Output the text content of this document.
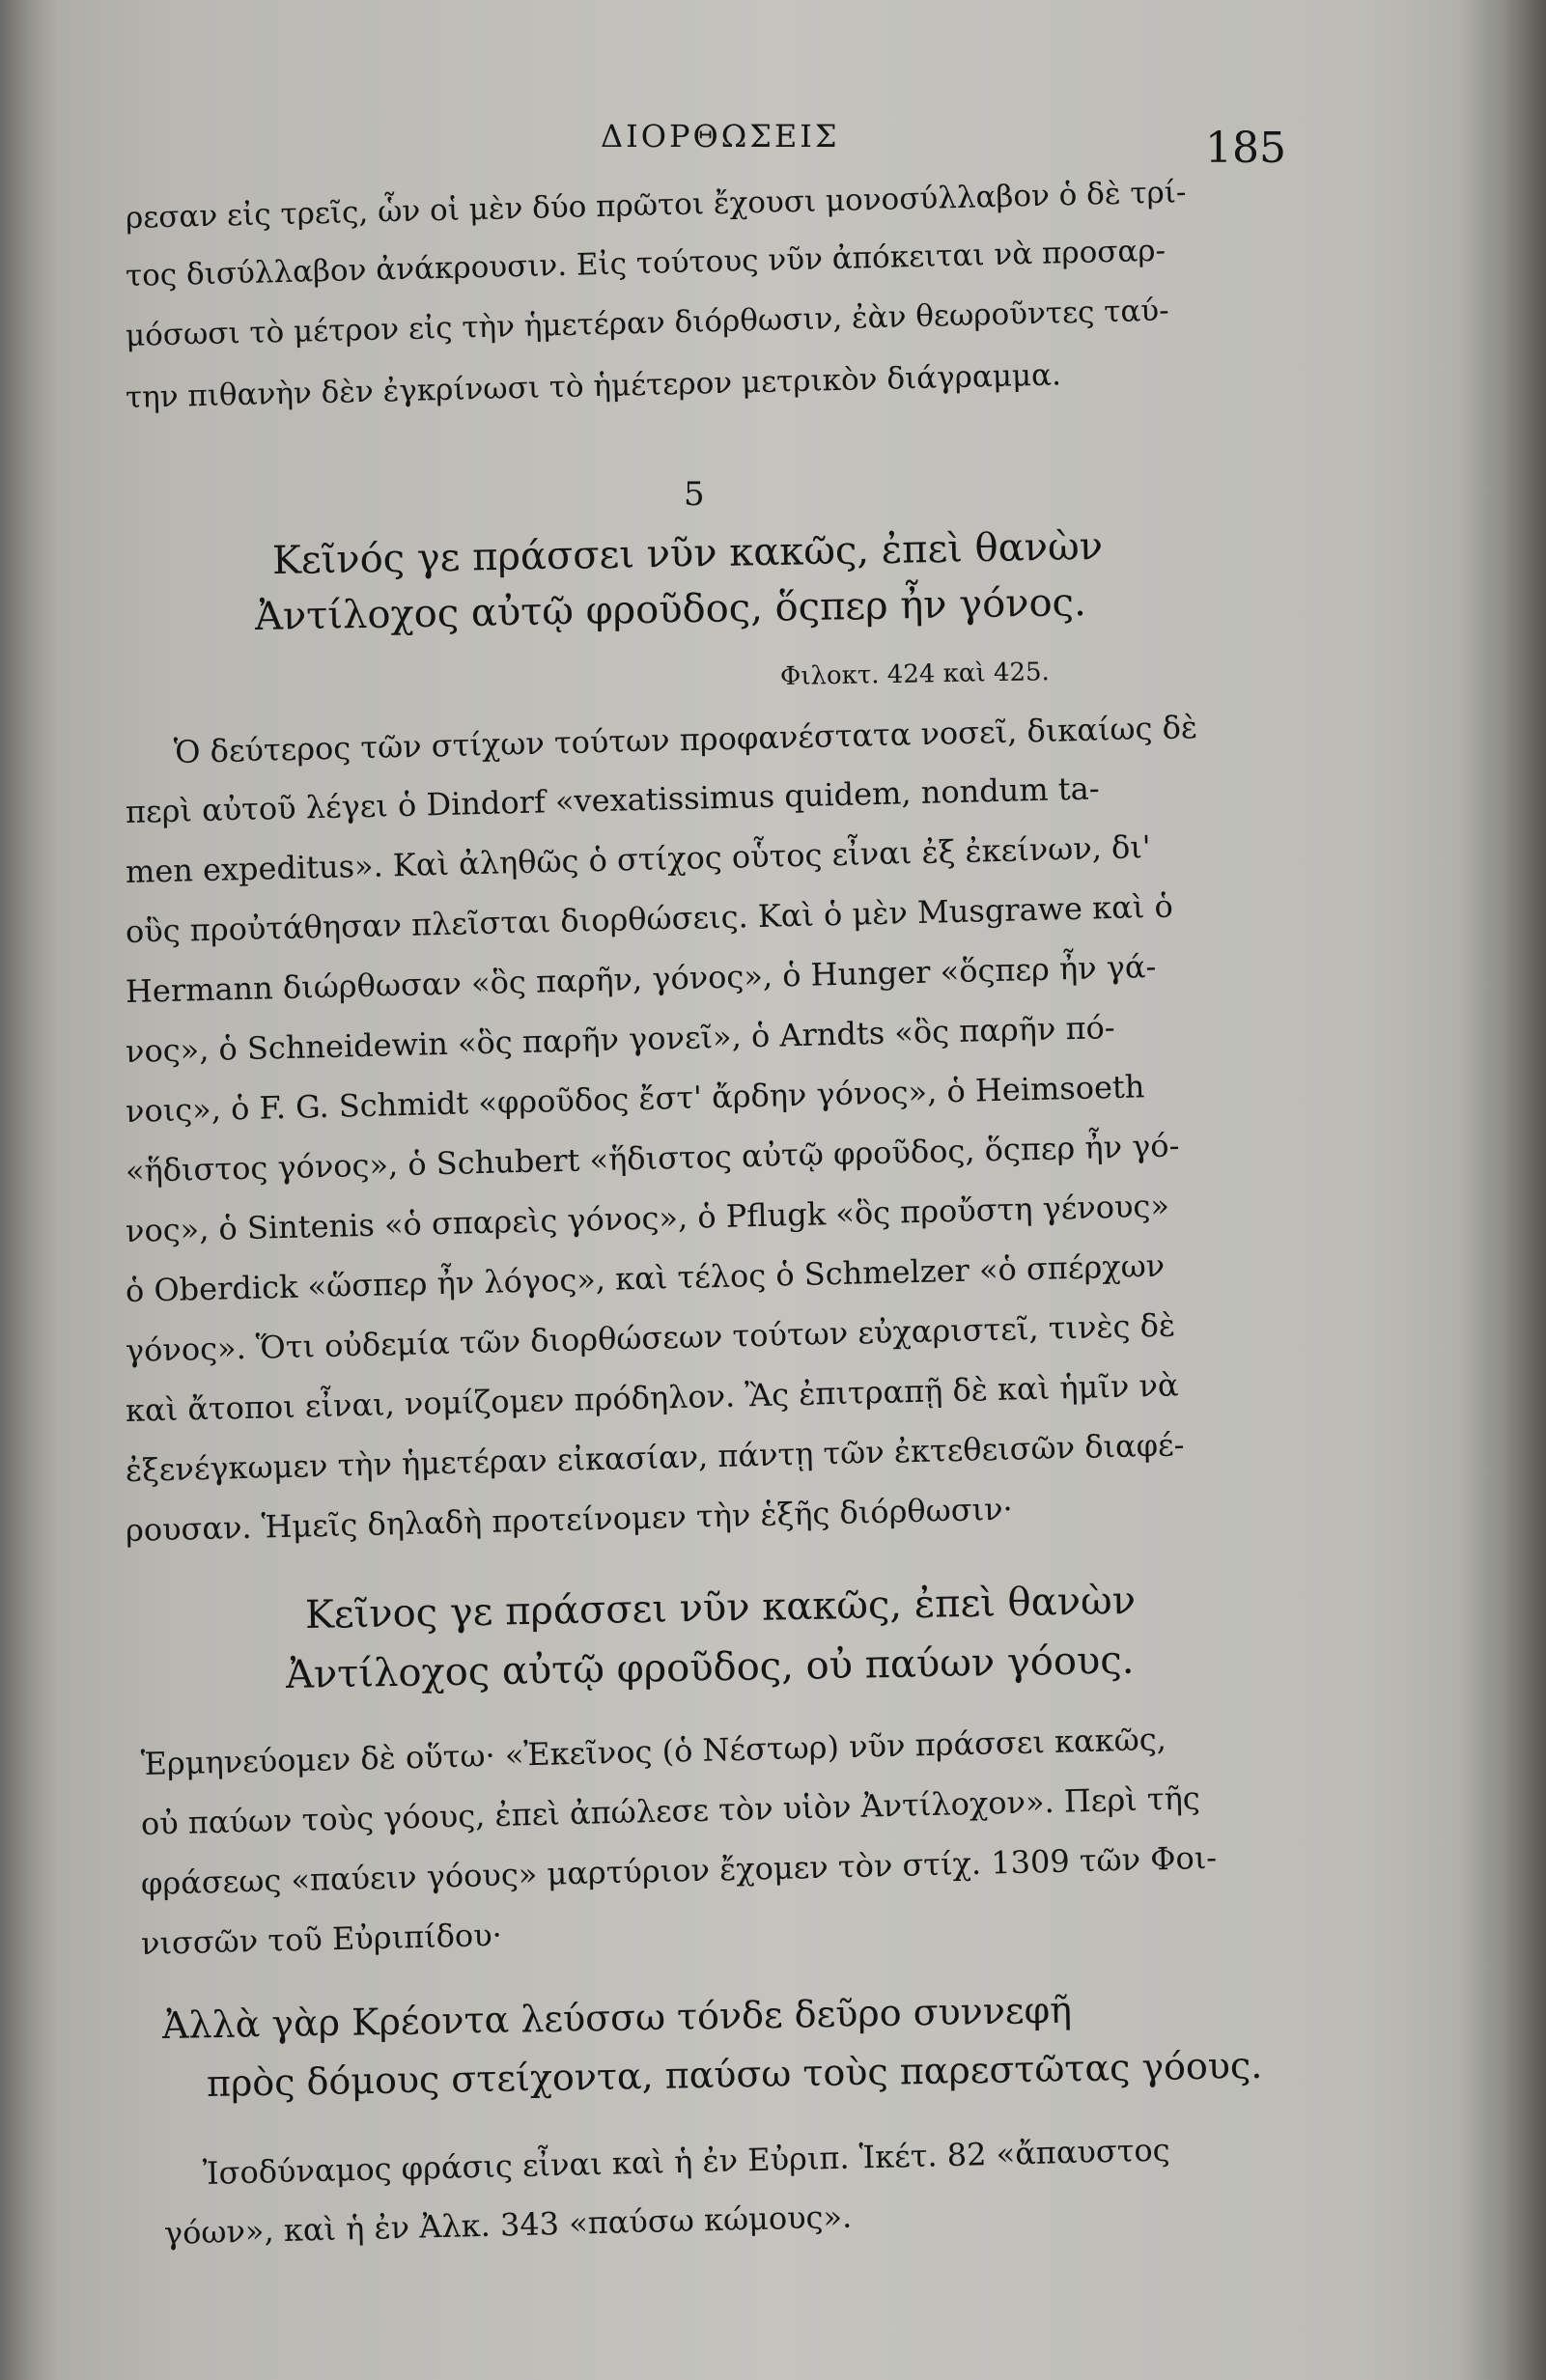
ΔΙΟΡΘΩΣΕΙΣ	185
ρεσαν εἰς τρεῖς, ὧν οἱ μὲν δύο πρῶτοι ἔχουσι μονοσύλλαβον ὁ δὲ τρί-
τος δισύλλαβον ἀνάκρουσιν. Εἰς τούτους νῦν ἀπόκειται νὰ προσαρ-
μόσωσι τὸ μέτρον εἰς τὴν ἡμετέραν διόρθωσιν, ἐὰν θεωροῦντες ταύ-
την πιθανὴν δὲν ἐγκρίνωσι τὸ ἡμέτερον μετρικὸν διάγραμμα.
5
Κεῖνός γε πράσσει νῦν κακῶς, ἐπεὶ θανὼν
Ἀντίλοχος αὐτῷ φροῦδος, ὅςπερ ἦν γόνος.
Φιλοκτ. 424 καὶ 425.
Ὁ δεύτερος τῶν στίχων τούτων προφανέστατα νοσεῖ, δικαίως δὲ
περὶ αὐτοῦ λέγει ὁ Dindorf «vexatissimus quidem, nondum ta-
men expeditus». Καὶ ἀληθῶς ὁ στίχος οὗτος εἶναι ἐξ ἐκείνων, δι'
οὓς προὐτάθησαν πλεῖσται διορθώσεις. Καὶ ὁ μὲν Musgrawe καὶ ὁ
Hermann διώρθωσαν «ὃς παρῆν, γόνος», ὁ Hunger «ὅςπερ ἦν γά-
νος», ὁ Schneidewin «ὃς παρῆν γονεῖ», ὁ Arndts «ὃς παρῆν πό-
νοις», ὁ F. G. Schmidt «φροῦδος ἔστ' ἄρδην γόνος», ὁ Heimsoeth
«ἥδιστος γόνος», ὁ Schubert «ἥδιστος αὐτῷ φροῦδος, ὅςπερ ἦν γό-
νος», ὁ Sintenis «ὁ σπαρεὶς γόνος», ὁ Pflugk «ὃς προὔστη γένους»
ὁ Oberdick «ὥσπερ ἦν λόγος», καὶ τέλος ὁ Schmelzer «ὁ σπέρχων
γόνος». Ὅτι οὐδεμία τῶν διορθώσεων τούτων εὐχαριστεῖ, τινὲς δὲ
καὶ ἄτοποι εἶναι, νομίζομεν πρόδηλον. Ἂς ἐπιτραπῇ δὲ καὶ ἡμῖν νὰ
ἐξενέγκωμεν τὴν ἡμετέραν εἰκασίαν, πάντῃ τῶν ἐκτεθεισῶν διαφέ-
ρουσαν. Ἡμεῖς δηλαδὴ προτείνομεν τὴν ἑξῆς διόρθωσιν·
Κεῖνος γε πράσσει νῦν κακῶς, ἐπεὶ θανὼν
Ἀντίλοχος αὐτῷ φροῦδος, οὐ παύων γόους.
Ἑρμηνεύομεν δὲ οὕτω· «Ἐκεῖνος (ὁ Νέστωρ) νῦν πράσσει κακῶς,
οὐ παύων τοὺς γόους, ἐπεὶ ἀπώλεσε τὸν υἱὸν Ἀντίλοχον». Περὶ τῆς
φράσεως «παύειν γόους» μαρτύριον ἔχομεν τὸν στίχ. 1309 τῶν Φοι-
νισσῶν τοῦ Εὐριπίδου·
Ἀλλὰ γὰρ Κρέοντα λεύσσω τόνδε δεῦρο συννεφῆ
πρὸς δόμους στείχοντα, παύσω τοὺς παρεστῶτας γόους.
Ἰσοδύναμος φράσις εἶναι καὶ ἡ ἐν Εὐριπ. Ἱκέτ. 82 «ἄπαυστος
γόων», καὶ ἡ ἐν Ἀλκ. 343 «παύσω κώμους».
